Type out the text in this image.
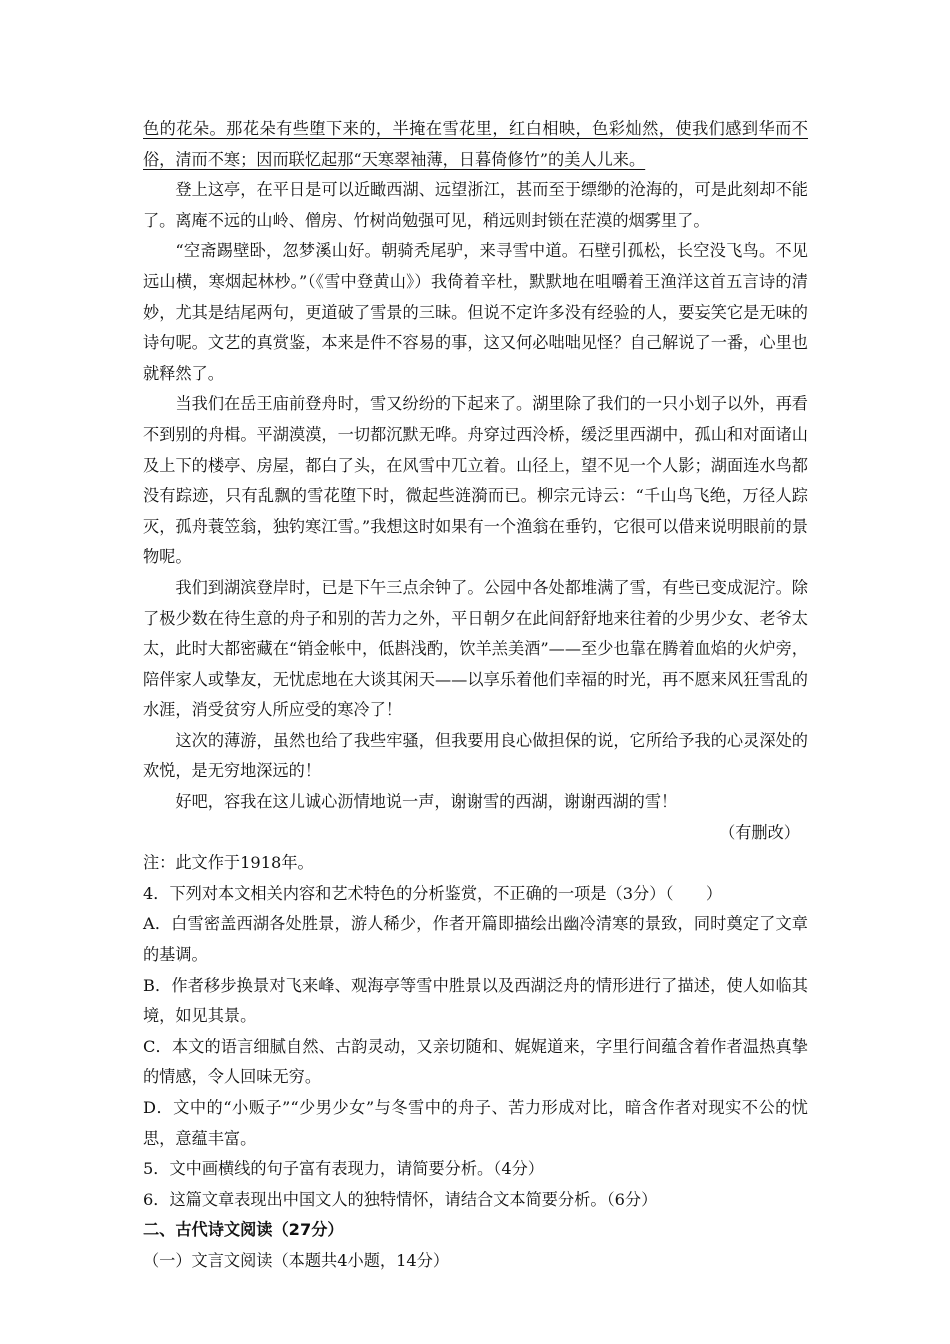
色的花朵。那花朵有些堕下来的，半掩在雪花里，红白相映，色彩灿然，使我们感到华而不俗，清而不寒；因而联忆起那“天寒翠袖薄，日暮倚修竹”的美人儿来。

登上这亭，在平日是可以近瞰西湖、远望浙江，甚而至于缥缈的沧海的，可是此刻却不能了。离庵不远的山岭、僧房、竹树尚勉强可见，稍远则封锁在茫漠的烟雾里了。

“空斋踢壁卧，忽梦溪山好。朝骑秃尾驴，来寻雪中道。石壁引孤松，长空没飞鸟。不见远山横，寒烟起林杪。”（《雪中登黄山》）我倚着辛杜，默默地在咀嚼着王渔洋这首五言诗的清妙，尤其是结尾两句，更道破了雪景的三昧。但说不定许多没有经验的人，要妄笑它是无味的诗句呢。文艺的真赏鉴，本来是件不容易的事，这又何必咄咄见怪？自己解说了一番，心里也就释然了。

当我们在岳王庙前登舟时，雪又纷纷的下起来了。湖里除了我们的一只小划子以外，再看不到别的舟楫。平湖漠漠，一切都沉默无哗。舟穿过西泠桥，缓泛里西湖中，孤山和对面诸山及上下的楼亭、房屋，都白了头，在风雪中兀立着。山径上，望不见一个人影；湖面连水鸟都没有踪迹，只有乱飘的雪花堕下时，微起些涟漪而已。柳宗元诗云：“千山鸟飞绝，万径人踪灭，孤舟蓑笠翁，独钓寒江雪。”我想这时如果有一个渔翁在垂钓，它很可以借来说明眼前的景物呢。

我们到湖滨登岸时，已是下午三点余钟了。公园中各处都堆满了雪，有些已变成泥泞。除了极少数在待生意的舟子和别的苦力之外，平日朝夕在此间舒舒地来往着的少男少女、老爷太太，此时大都密藏在“销金帐中，低斟浅酌，饮羊羔美酒”——至少也靠在腾着血焰的火炉旁，陪伴家人或挚友，无忧虑地在大谈其闲天——以享乐着他们幸福的时光，再不愿来风狂雪乱的水涯，消受贫穷人所应受的寒冷了！

这次的薄游，虽然也给了我些牢骚，但我要用良心做担保的说，它所给予我的心灵深处的欢悦，是无穷地深远的！

好吧，容我在这儿诚心沥情地说一声，谢谢雪的西湖，谢谢西湖的雪！

（有删改）

注：此文作于1918年。

4．下列对本文相关内容和艺术特色的分析鉴赏，不正确的一项是（3分）（　　）

A．白雪密盖西湖各处胜景，游人稀少，作者开篇即描绘出幽冷清寒的景致，同时奠定了文章的基调。

B．作者移步换景对飞来峰、观海亭等雪中胜景以及西湖泛舟的情形进行了描述，使人如临其境，如见其景。

C．本文的语言细腻自然、古韵灵动，又亲切随和、娓娓道来，字里行间蕴含着作者温热真挚的情感，令人回味无穷。

D．文中的“小贩子”“少男少女”与冬雪中的舟子、苦力形成对比，暗含作者对现实不公的忧思，意蕴丰富。

5．文中画横线的句子富有表现力，请简要分析。（4分）

6．这篇文章表现出中国文人的独特情怀，请结合文本简要分析。（6分）

二、古代诗文阅读（27分）

（一）文言文阅读（本题共4小题，14分）
